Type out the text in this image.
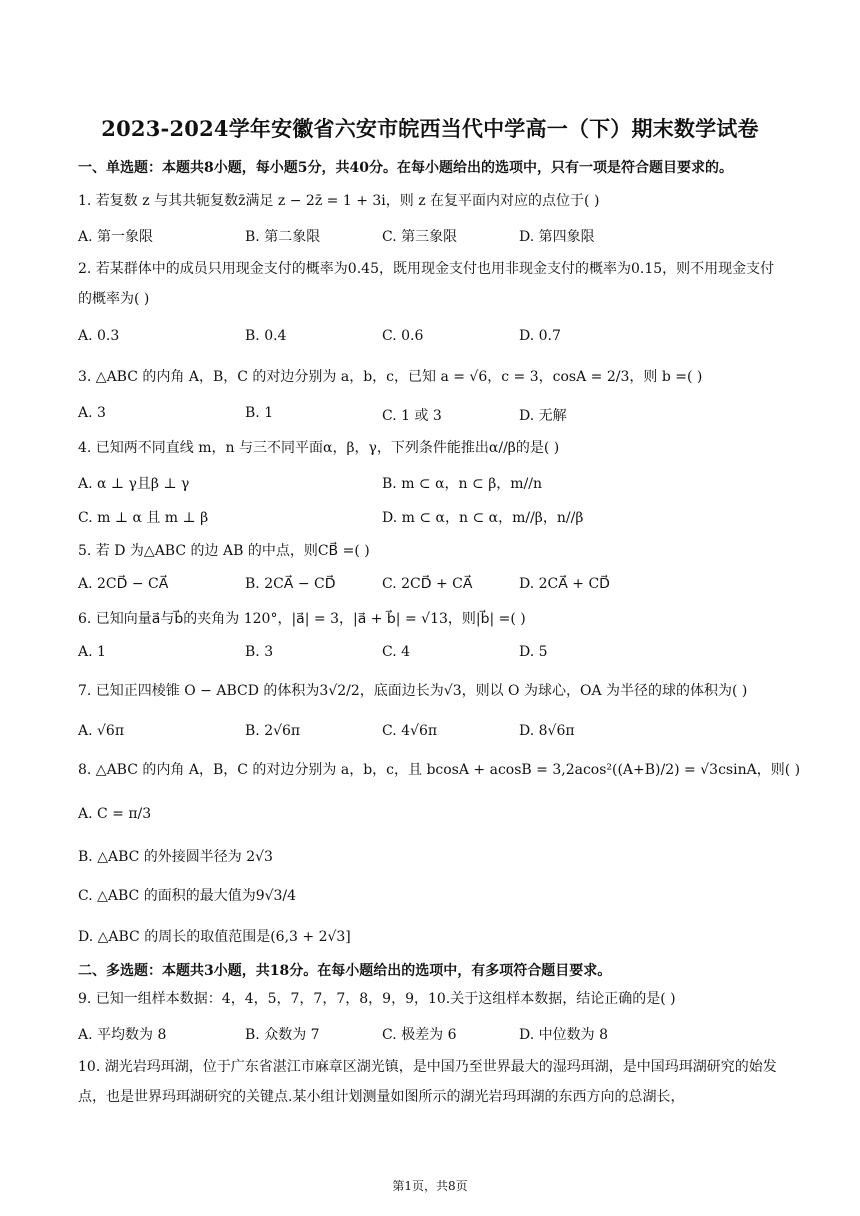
2023-2024学年安徽省六安市皖西当代中学高一（下）期末数学试卷
一、单选题：本题共8小题，每小题5分，共40分。在每小题给出的选项中，只有一项是符合题目要求的。
1. 若复数 z 与其共轭复数z̄满足 z − 2z̄ = 1 + 3i，则 z 在复平面内对应的点位于( )
A. 第一象限	B. 第二象限	C. 第三象限	D. 第四象限
2. 若某群体中的成员只用现金支付的概率为0.45，既用现金支付也用非现金支付的概率为0.15，则不用现金支付的概率为( )
A. 0.3	B. 0.4	C. 0.6	D. 0.7
3. △ABC 的内角 A，B，C 的对边分别为 a，b，c，已知 a = √6，c = 3，cosA = 2/3，则 b =( )
A. 3	B. 1	C. 1 或 3	D. 无解
4. 已知两不同直线 m，n 与三不同平面α，β，γ，下列条件能推出α//β的是( )
A. α ⊥ γ且β ⊥ γ	B. m ⊂ α，n ⊂ β，m//n
C. m ⊥ α 且 m ⊥ β	D. m ⊂ α，n ⊂ α，m//β，n//β
5. 若 D 为△ABC 的边 AB 的中点，则CB⃗ =( )
A. 2CD⃗ − CA⃗	B. 2CA⃗ − CD⃗	C. 2CD⃗ + CA⃗	D. 2CA⃗ + CD⃗
6. 已知向量a⃗与b⃗的夹角为 120°，|a⃗| = 3，|a⃗ + b⃗| = √13，则|b⃗| =( )
A. 1	B. 3	C. 4	D. 5
7. 已知正四棱锥 O − ABCD 的体积为3√2/2，底面边长为√3，则以 O 为球心，OA 为半径的球的体积为( )
A. √6π	B. 2√6π	C. 4√6π	D. 8√6π
8. △ABC 的内角 A，B，C 的对边分别为 a，b，c，且 bcosA + acosB = 3,2acos²((A+B)/2) = √3csinA，则( )
A. C = π/3
B. △ABC 的外接圆半径为 2√3
C. △ABC 的面积的最大值为9√3/4
D. △ABC 的周长的取值范围是(6,3 + 2√3]
二、多选题：本题共3小题，共18分。在每小题给出的选项中，有多项符合题目要求。
9. 已知一组样本数据：4，4，5，7，7，7，8，9，9，10.关于这组样本数据，结论正确的是( )
A. 平均数为 8	B. 众数为 7	C. 极差为 6	D. 中位数为 8
10. 湖光岩玛珥湖，位于广东省湛江市麻章区湖光镇，是中国乃至世界最大的湿玛珥湖，是中国玛珥湖研究的始发点，也是世界玛珥湖研究的关键点.某小组计划测量如图所示的湖光岩玛珥湖的东西方向的总湖长，
第1页，共8页
